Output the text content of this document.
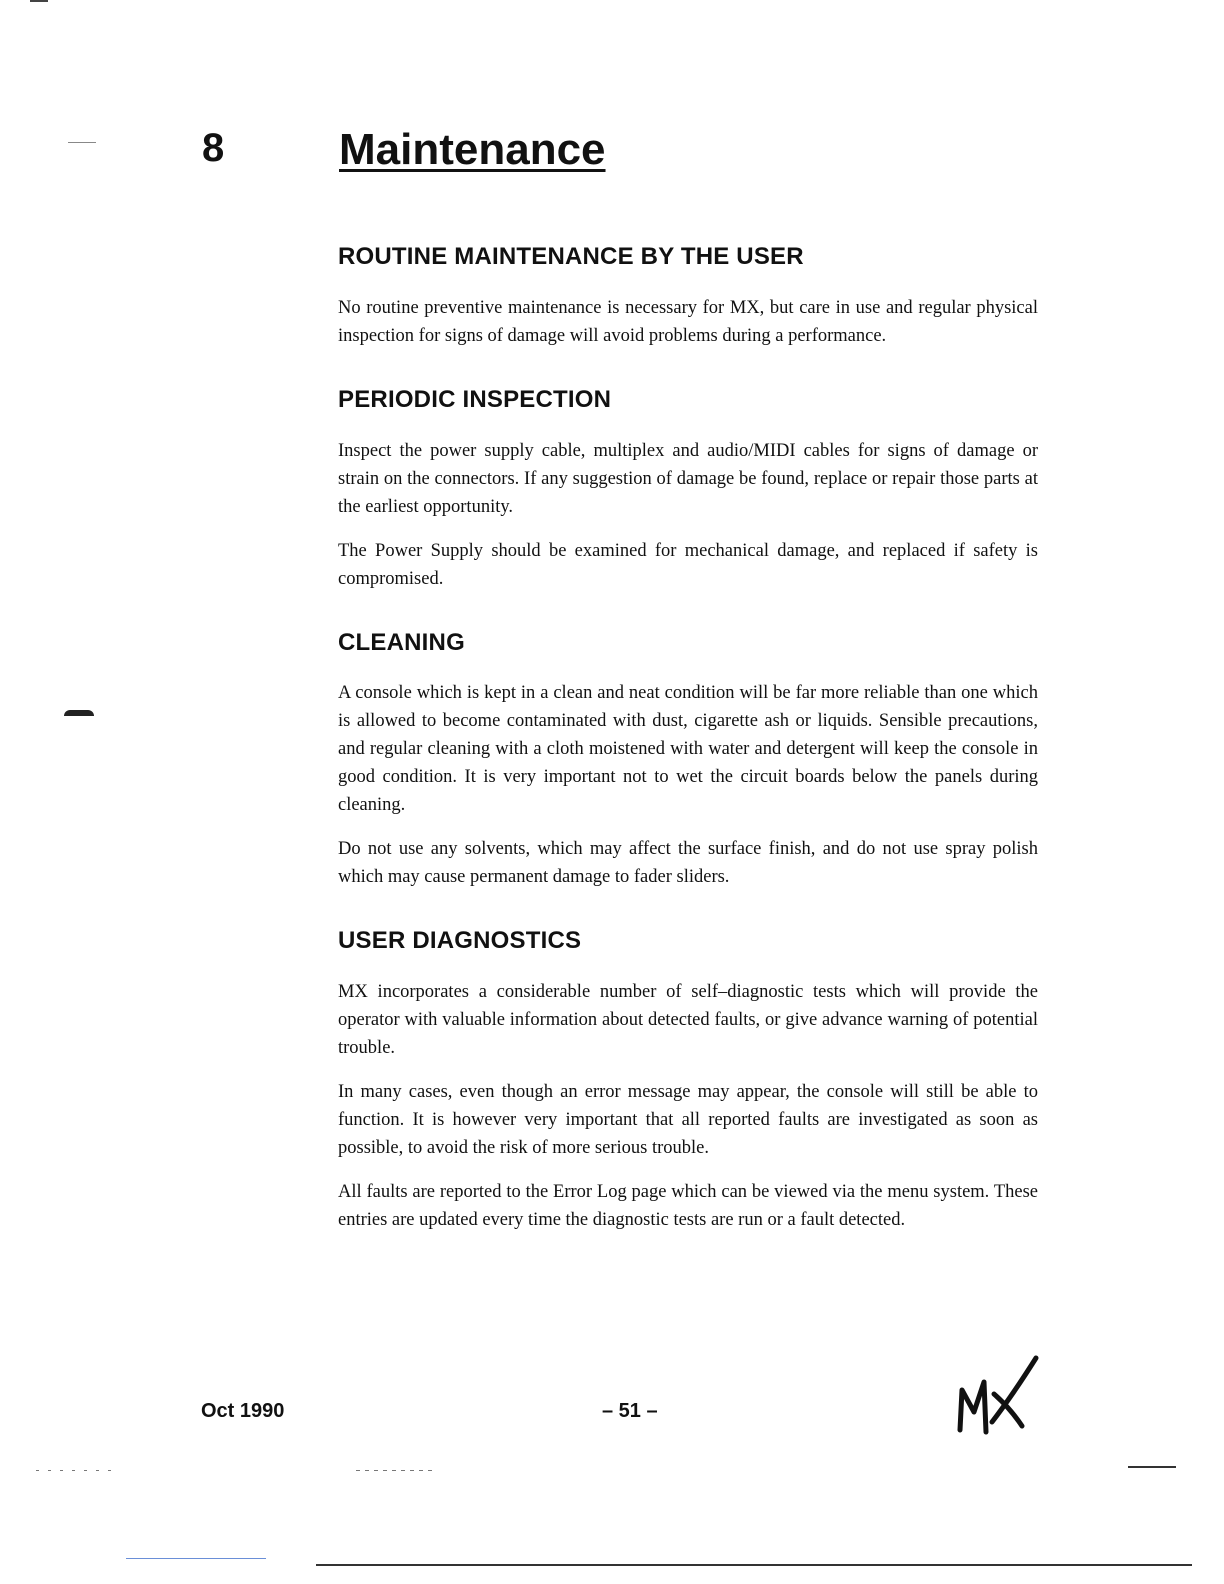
8	Maintenance
ROUTINE MAINTENANCE BY THE USER

No routine preventive maintenance is necessary for MX, but care in use and regular physical inspection for signs of damage will avoid problems during a performance.

PERIODIC INSPECTION

Inspect the power supply cable, multiplex and audio/MIDI cables for signs of damage or strain on the connectors. If any suggestion of damage be found, replace or repair those parts at the earliest opportunity.

The Power Supply should be examined for mechanical damage, and replaced if safety is compromised.

CLEANING

A console which is kept in a clean and neat condition will be far more reliable than one which is allowed to become contaminated with dust, cigarette ash or liquids. Sensible precautions, and regular cleaning with a cloth moistened with water and detergent will keep the console in good condition. It is very important not to wet the circuit boards below the panels during cleaning.

Do not use any solvents, which may affect the surface finish, and do not use spray polish which may cause permanent damage to fader sliders.

USER DIAGNOSTICS

MX incorporates a considerable number of self–diagnostic tests which will provide the operator with valuable information about detected faults, or give advance warning of potential trouble.

In many cases, even though an error message may appear, the console will still be able to function. It is however very important that all reported faults are investigated as soon as possible, to avoid the risk of more serious trouble.

All faults are reported to the Error Log page which can be viewed via the menu system. These entries are updated every time the diagnostic tests are run or a fault detected.

Oct 1990	– 51 –
